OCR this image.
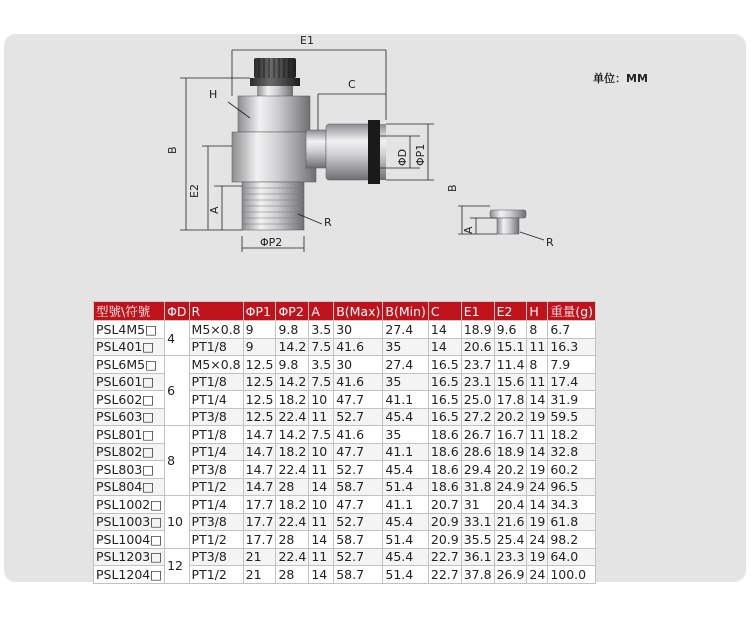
E1
C
H
B
E2
A
R
ΦP2
ΦD ΦP1
B
A
R
单位：MM
型號\符號	ΦD	R	ΦP1	ΦP2	A	B(Max)	B(Min)	C	E1	E2	H	重量(g)
PSL4M5□	4	M5×0.8	9	9.8	3.5	30	27.4	14	18.9	9.6	8	6.7
PSL401□		PT1/8	9	14.2	7.5	41.6	35	14	20.6	15.1	11	16.3
PSL6M5□	6	M5×0.8	12.5	9.8	3.5	30	27.4	16.5	23.7	11.4	8	7.9
PSL601□		PT1/8	12.5	14.2	7.5	41.6	35	16.5	23.1	15.6	11	17.4
PSL602□		PT1/4	12.5	18.2	10	47.7	41.1	16.5	25.0	17.8	14	31.9
PSL603□		PT3/8	12.5	22.4	11	52.7	45.4	16.5	27.2	20.2	19	59.5
PSL801□	8	PT1/8	14.7	14.2	7.5	41.6	35	18.6	26.7	16.7	11	18.2
PSL802□		PT1/4	14.7	18.2	10	47.7	41.1	18.6	28.6	18.9	14	32.8
PSL803□		PT3/8	14.7	22.4	11	52.7	45.4	18.6	29.4	20.2	19	60.2
PSL804□		PT1/2	14.7	28	14	58.7	51.4	18.6	31.8	24.9	24	96.5
PSL1002□	10	PT1/4	17.7	18.2	10	47.7	41.1	20.7	31	20.4	14	34.3
PSL1003□		PT3/8	17.7	22.4	11	52.7	45.4	20.9	33.1	21.6	19	61.8
PSL1004□		PT1/2	17.7	28	14	58.7	51.4	20.9	35.5	25.4	24	98.2
PSL1203□	12	PT3/8	21	22.4	11	52.7	45.4	22.7	36.1	23.3	19	64.0
PSL1204□		PT1/2	21	28	14	58.7	51.4	22.7	37.8	26.9	24	100.0
